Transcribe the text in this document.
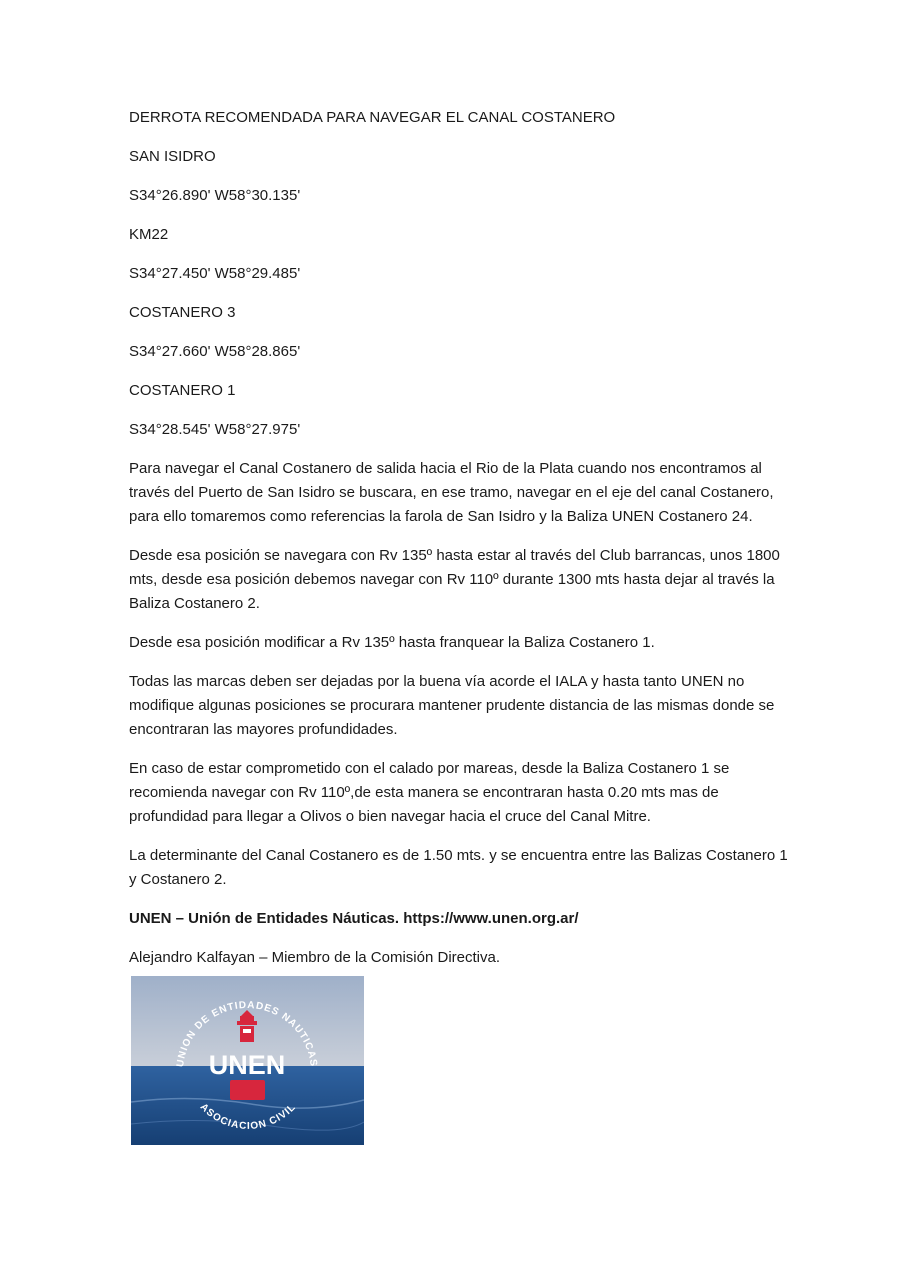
DERROTA RECOMENDADA PARA NAVEGAR EL CANAL COSTANERO
SAN ISIDRO
S34°26.890' W58°30.135'
KM22
S34°27.450' W58°29.485'
COSTANERO 3
S34°27.660' W58°28.865'
COSTANERO 1
S34°28.545' W58°27.975'

Para navegar el Canal Costanero de salida hacia el Rio de la Plata cuando nos encontramos al través del Puerto de San Isidro se buscara, en ese tramo, navegar en el eje del canal Costanero, para ello tomaremos como referencias la farola de San Isidro y la Baliza UNEN Costanero 24.

Desde esa posición se navegara con Rv 135º hasta estar al través del Club barrancas, unos 1800 mts, desde esa posición debemos navegar con Rv 110º durante 1300 mts hasta dejar al través la Baliza Costanero 2.

Desde esa posición modificar a Rv 135º hasta franquear la Baliza Costanero 1.

Todas las marcas deben ser dejadas por la buena vía acorde el IALA y hasta tanto UNEN no modifique algunas posiciones se procurara mantener prudente distancia de las mismas donde se encontraran las mayores profundidades.

En caso de estar comprometido con el calado por mareas, desde la Baliza Costanero 1 se recomienda navegar con Rv 110º,de esta manera se encontraran hasta 0.20 mts mas de profundidad para llegar a Olivos o bien navegar hacia el cruce del Canal Mitre.

La determinante del Canal Costanero es de 1.50 mts. y se encuentra entre las Balizas Costanero 1 y Costanero 2.

UNEN – Unión de Entidades Náuticas. https://www.unen.org.ar/
Alejandro Kalfayan – Miembro de la Comisión Directiva.
UNION DE ENTIDADES NAUTICAS
ASOCIACION CIVIL
UNEN
